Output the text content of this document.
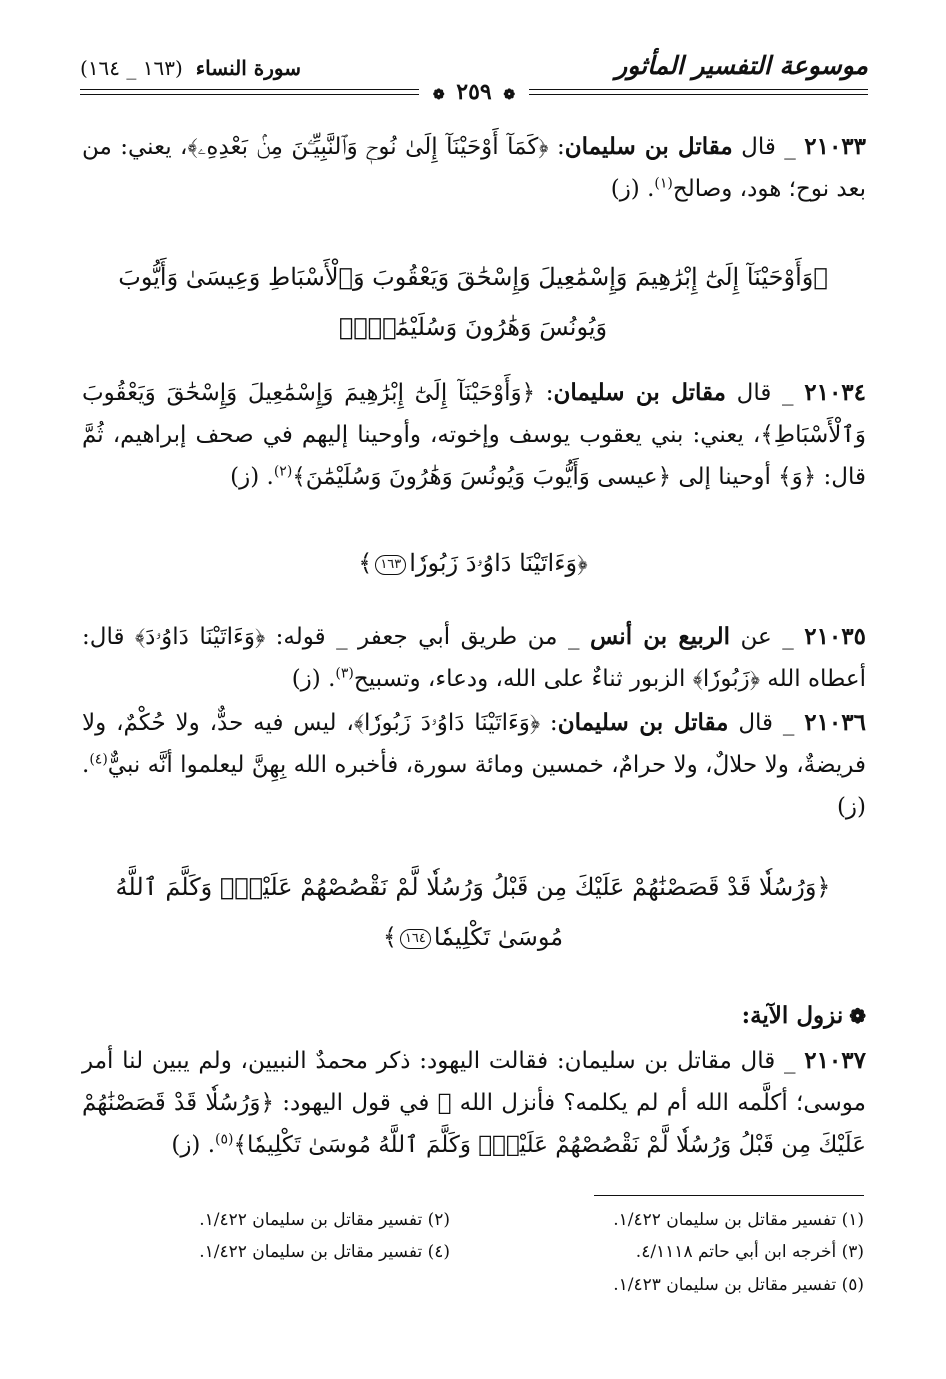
موسوعة التفسير المأثور
سورة النساء (١٦٣ _ ١٦٤)
❁ ٢٥٩ ❁
٢١٠٣٣ _ قال مقاتل بن سليمان: ﴿كَمَآ أَوْحَيْنَآ إِلَىٰ نُوحٖ وَٱلنَّبِيِّـۧنَ مِنۢ بَعْدِهِۦ﴾، يعني: من بعد نوح؛ هود، وصالح$^{(١)}$. (ز)
﴿وَأَوْحَيْنَآ إِلَىٰٓ إِبْرَٰهِيمَ وَإِسْمَٰعِيلَ وَإِسْحَٰقَ وَيَعْقُوبَ وَٱلْأَسْبَاطِ وَعِيسَىٰ وَأَيُّوبَ وَيُونُسَ وَهَٰرُونَ وَسُلَيْمَٰنَۚ﴾
٢١٠٣٤ _ قال مقاتل بن سليمان: ﴿وَأَوْحَيْنَآ إِلَىٰٓ إِبْرَٰهِيمَ وَإِسْمَٰعِيلَ وَإِسْحَٰقَ وَيَعْقُوبَ وَٱلْأَسْبَاطِ﴾، يعني: بني يعقوب يوسف وإخوته، وأوحينا إليهم في صحف إبراهيم، ثُمَّ قال: ﴿وَ﴾ أوحينا إلى ﴿عيسى وَأَيُّوبَ وَيُونُسَ وَهَٰرُونَ وَسُلَيْمَٰنَ﴾$^{(٢)}$. (ز)
﴿وَءَاتَيْنَا دَاوُۥدَ زَبُورٗا١٦٣﴾
٢١٠٣٥ _ عن الربيع بن أنس _ من طريق أبي جعفر _ قوله: ﴿وَءَاتَيْنَا دَاوُۥدَ﴾ قال: أعطاه الله ﴿زَبُورٗا﴾ الزبور ثناءٌ على الله، ودعاء، وتسبيح$^{(٣)}$. (ز)
٢١٠٣٦ _ قال مقاتل بن سليمان: ﴿وَءَاتَيْنَا دَاوُۥدَ زَبُورٗا﴾، ليس فيه حدٌّ، ولا حُكْمٌ، ولا فريضةٌ، ولا حلالٌ، ولا حرامٌ، خمسين ومائة سورة، فأخبره الله بِهِنَّ ليعلموا أنَّه نبيٌّ$^{(٤)}$. (ز)
﴿وَرُسُلٗا قَدْ قَصَصْنَٰهُمْ عَلَيْكَ مِن قَبْلُ وَرُسُلٗا لَّمْ نَقْصُصْهُمْ عَلَيْكَۚ وَكَلَّمَ ٱللَّهُ مُوسَىٰ تَكْلِيمٗا١٦٤﴾
❁نزول الآية:
٢١٠٣٧ _ قال مقاتل بن سليمان: فقالت اليهود: ذكر محمدٌ النبيين، ولم يبين لنا أمر موسى؛ أكلَّمه الله أم لم يكلمه؟ فأنزل الله ﷻ في قول اليهود: ﴿وَرُسُلٗا قَدْ قَصَصْنَٰهُمْ عَلَيْكَ مِن قَبْلُ وَرُسُلٗا لَّمْ نَقْصُصْهُمْ عَلَيْكَۚ وَكَلَّمَ ٱللَّهُ مُوسَىٰ تَكْلِيمٗا﴾$^{(٥)}$. (ز)
(١) تفسير مقاتل بن سليمان ١/٤٢٢.
(٢) تفسير مقاتل بن سليمان ١/٤٢٢.
(٣) أخرجه ابن أبي حاتم ٤/١١١٨.
(٤) تفسير مقاتل بن سليمان ١/٤٢٢.
(٥) تفسير مقاتل بن سليمان ١/٤٢٣.
